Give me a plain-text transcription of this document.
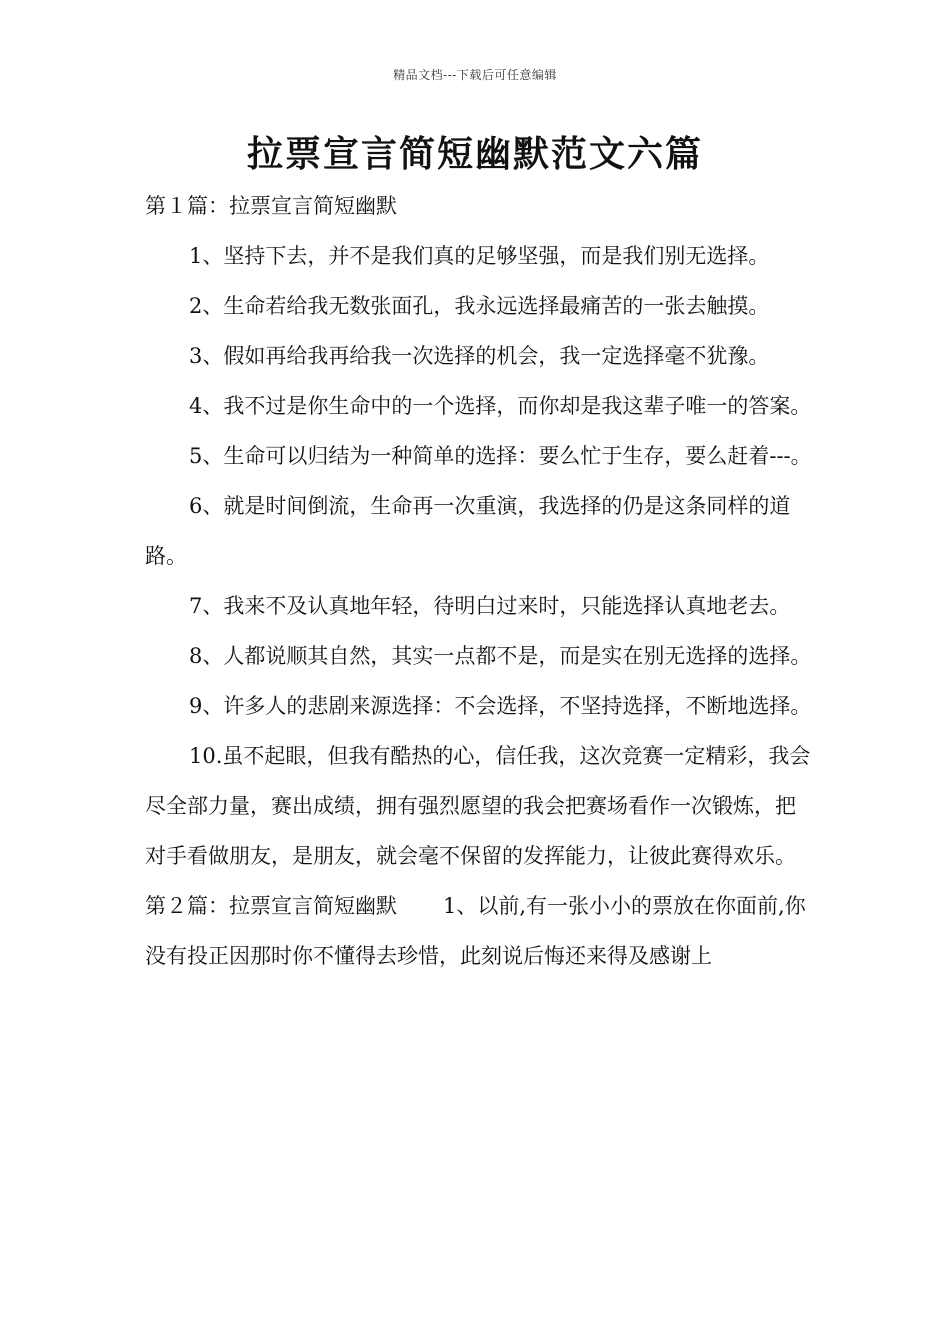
精品文档---下载后可任意编辑
拉票宣言简短幽默范文六篇

第１篇：拉票宣言简短幽默

1、坚持下去，并不是我们真的足够坚强，而是我们别无选择。

2、生命若给我无数张面孔，我永远选择最痛苦的一张去触摸。

3、假如再给我再给我一次选择的机会，我一定选择毫不犹豫。

4、我不过是你生命中的一个选择，而你却是我这辈子唯一的答案。

5、生命可以归结为一种简单的选择：要么忙于生存，要么赶着---。

6、就是时间倒流，生命再一次重演，我选择的仍是这条同样的道路。

7、我来不及认真地年轻，待明白过来时，只能选择认真地老去。

8、人都说顺其自然，其实一点都不是，而是实在别无选择的选择。

9、许多人的悲剧来源选择：不会选择，不坚持选择，不断地选择。

10.虽不起眼，但我有酷热的心，信任我，这次竞赛一定精彩，我会尽全部力量，赛出成绩，拥有强烈愿望的我会把赛场看作一次锻炼，把对手看做朋友，是朋友，就会毫不保留的发挥能力，让彼此赛得欢乐。

第２篇：拉票宣言简短幽默 1、以前,有一张小小的票放在你面前,你没有投正因那时你不懂得去珍惜，此刻说后悔还来得及感谢上
